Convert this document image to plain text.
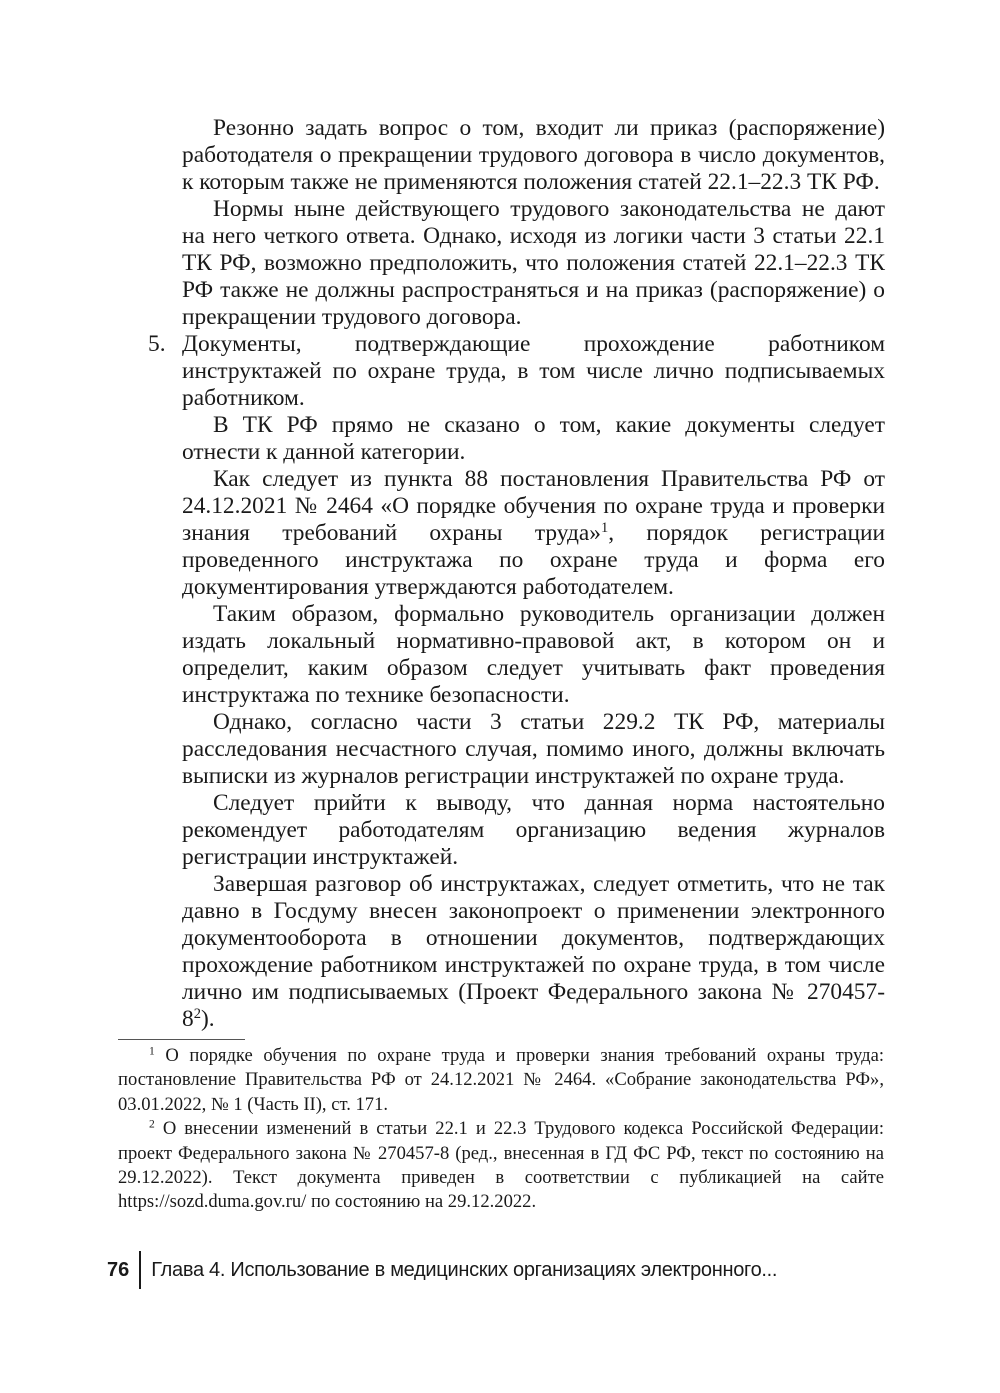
Резонно задать вопрос о том, входит ли приказ (распоряжение) работодателя о прекращении трудового договора в число документов, к которым также не применяются положения статей 22.1–22.3 ТК РФ.

Нормы ныне действующего трудового законодательства не дают на него четкого ответа. Однако, исходя из логики части 3 статьи 22.1 ТК РФ, возможно предположить, что положения статей 22.1–22.3 ТК РФ также не должны распространяться и на приказ (распоряжение) о прекращении трудового договора.

5. Документы, подтверждающие прохождение работником инструктажей по охране труда, в том числе лично подписываемых работником.

В ТК РФ прямо не сказано о том, какие документы следует отнести к данной категории.

Как следует из пункта 88 постановления Правительства РФ от 24.12.2021 № 2464 «О порядке обучения по охране труда и проверки знания требований охраны труда»$^1$, порядок регистрации проведенного инструктажа по охране труда и форма его документирования утверждаются работодателем.

Таким образом, формально руководитель организации должен издать локальный нормативно-правовой акт, в котором он и определит, каким образом следует учитывать факт проведения инструктажа по технике безопасности.

Однако, согласно части 3 статьи 229.2 ТК РФ, материалы расследования несчастного случая, помимо иного, должны включать выписки из журналов регистрации инструктажей по охране труда.

Следует прийти к выводу, что данная норма настоятельно рекомендует работодателям организацию ведения журналов регистрации инструктажей.

Завершая разговор об инструктажах, следует отметить, что не так давно в Госдуму внесен законопроект о применении электронного документооборота в отношении документов, подтверждающих прохождение работником инструктажей по охране труда, в том числе лично им подписываемых (Проект Федерального закона № $270457-8^2$).

$^1$ О порядке обучения по охране труда и проверки знания требований охраны труда: постановление Правительства РФ от 24.12.2021 № 2464. «Собрание законодательства РФ», 03.01.2022, № 1 (Часть II), ст. 171.

$^2$ О внесении изменений в статьи 22.1 и 22.3 Трудового кодекса Российской Федерации: проект Федерального закона № 270457-8 (ред., внесенная в ГД ФС РФ, текст по состоянию на 29.12.2022). Текст документа приведен в соответствии с публикацией на сайте https://sozd.duma.gov.ru/ по состоянию на 29.12.2022.

76	Глава 4. Использование в медицинских организациях электронного...
